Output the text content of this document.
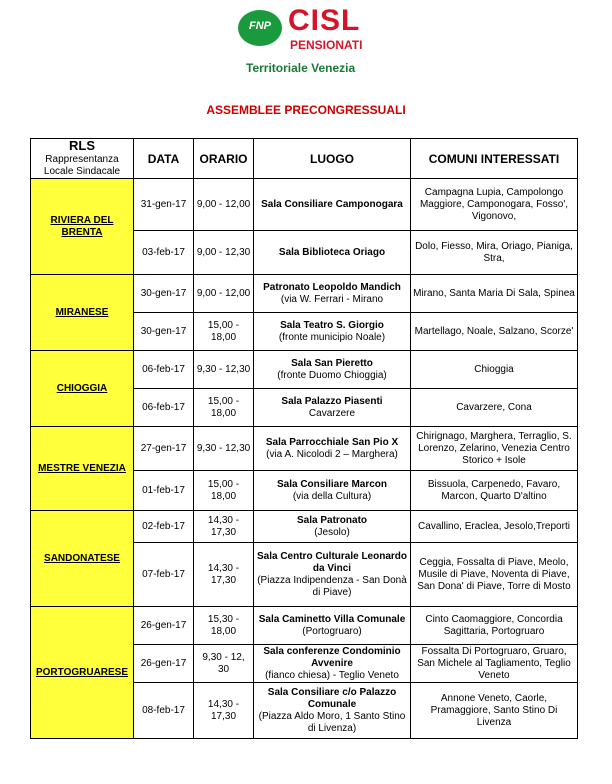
FNP CISL
PENSIONATI
Territoriale Venezia
ASSEMBLEE PRECONGRESSUALI
RLS
Rappresentanza Locale Sindacale	DATA	ORARIO	LUOGO	COMUNI INTERESSATI
RIVIERA DEL BRENTA	31-gen-17	9,00 - 12,00	Sala Consiliare Camponogara	Campagna Lupia, Campolongo Maggiore, Camponogara, Fosso', Vigonovo,
	03-feb-17	9,00 - 12,30	Sala Biblioteca Oriago	Dolo, Fiesso, Mira, Oriago, Pianiga, Stra,
MIRANESE	30-gen-17	9,00 - 12,00	Patronato Leopoldo Mandich
(via W. Ferrari - Mirano	Mirano, Santa Maria Di Sala, Spinea
	30-gen-17	15,00 - 18,00	Sala Teatro S. Giorgio
(fronte municipio Noale)	Martellago, Noale, Salzano, Scorze'
CHIOGGIA	06-feb-17	9,30 - 12,30	Sala San Pieretto
(fronte Duomo Chioggia)	Chioggia
	06-feb-17	15,00 - 18,00	Sala Palazzo Piasenti
Cavarzere	Cavarzere, Cona
MESTRE VENEZIA	27-gen-17	9,30 - 12,30	Sala Parrocchiale San Pio X
(via A. Nicolodi 2 – Marghera)	Chirignago, Marghera, Terraglio, S. Lorenzo, Zelarino, Venezia Centro Storico + Isole
	01-feb-17	15,00 - 18,00	Sala Consiliare Marcon
(via della Cultura)	Bissuola, Carpenedo, Favaro, Marcon, Quarto D'altino
SANDONATESE	02-feb-17	14,30 - 17,30	Sala Patronato
(Jesolo)	Cavallino, Eraclea, Jesolo,Treporti
	07-feb-17	14,30 - 17,30	Sala Centro Culturale Leonardo da Vinci
(Piazza Indipendenza - San Donà di Piave)	Ceggia, Fossalta di Piave, Meolo, Musile di Piave, Noventa di Piave, San Dona' di Piave, Torre di Mosto
PORTOGRUARESE	26-gen-17	15,30 - 18,00	Sala Caminetto Villa Comunale
(Portogruaro)	Cinto Caomaggiore, Concordia Sagittaria, Portogruaro
	26-gen-17	9,30 - 12, 30	Sala conferenze Condominio Avvenire
(fianco chiesa) - Teglio Veneto	Fossalta Di Portogruaro, Gruaro, San Michele al Tagliamento, Teglio Veneto
	08-feb-17	14,30 - 17,30	Sala Consiliare c/o Palazzo Comunale
(Piazza Aldo Moro, 1 Santo Stino di Livenza)	Annone Veneto, Caorle, Pramaggiore, Santo Stino Di Livenza
